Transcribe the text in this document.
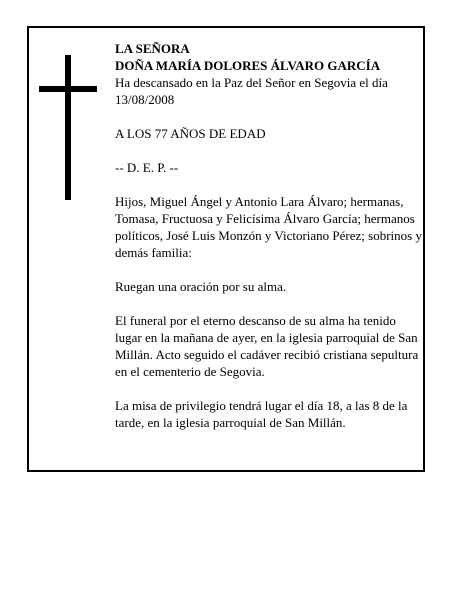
LA SEÑORA

DOÑA MARÍA DOLORES ÁLVARO GARCÍA

Ha descansado en la Paz del Señor en Segovia el día 13/08/2008

A LOS 77 AÑOS DE EDAD

-- D. E. P. --

Hijos, Miguel Ángel y Antonio Lara Álvaro; hermanas, Tomasa, Fructuosa y Felicísima Álvaro García; hermanos políticos, José Luis Monzón y Victoriano Pérez; sobrinos y demás familia:

Ruegan una oración por su alma.

El funeral por el eterno descanso de su alma ha tenido lugar en la mañana de ayer, en la iglesia parroquial de San Millán. Acto seguido el cadáver recibió cristiana sepultura en el cementerio de Segovia.

La misa de privilegio tendrá lugar el día 18, a las 8 de la tarde, en la iglesia parroquial de San Millán.
